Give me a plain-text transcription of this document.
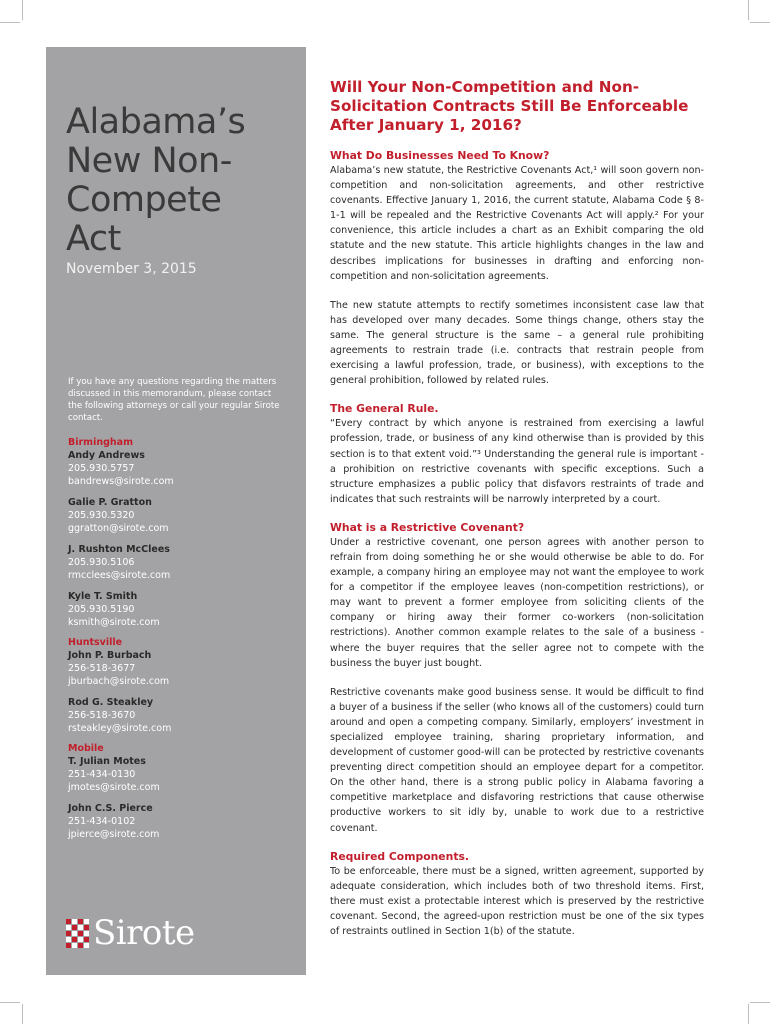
Alabama’s
New Non-
Compete
Act
November 3, 2015
If you have any questions regarding the matters discussed in this memorandum, please contact the following attorneys or call your regular Sirote contact.
Birmingham
Andy Andrews
205.930.5757
bandrews@sirote.com
Galie P. Gratton
205.930.5320
ggratton@sirote.com
J. Rushton McClees
205.930.5106
rmcclees@sirote.com
Kyle T. Smith
205.930.5190
ksmith@sirote.com
Huntsville
John P. Burbach
256-518-3677
jburbach@sirote.com
Rod G. Steakley
256-518-3670
rsteakley@sirote.com
Mobile
T. Julian Motes
251-434-0130
jmotes@sirote.com
John C.S. Pierce
251-434-0102
jpierce@sirote.com
Sirote
Will Your Non-Competition and Non-Solicitation Contracts Still Be Enforceable After January 1, 2016?
What Do Businesses Need To Know?

Alabama’s new statute, the Restrictive Covenants Act,¹ will soon govern non-competition and non-solicitation agreements, and other restrictive covenants. Effective January 1, 2016, the current statute, Alabama Code § 8-1-1 will be repealed and the Restrictive Covenants Act will apply.² For your convenience, this article includes a chart as an Exhibit comparing the old statute and the new statute. This article highlights changes in the law and describes implications for businesses in drafting and enforcing non-competition and non-solicitation agreements.

The new statute attempts to rectify sometimes inconsistent case law that has developed over many decades. Some things change, others stay the same. The general structure is the same – a general rule prohibiting agreements to restrain trade (i.e. contracts that restrain people from exercising a lawful profession, trade, or business), with exceptions to the general prohibition, followed by related rules.

The General Rule.

“Every contract by which anyone is restrained from exercising a lawful profession, trade, or business of any kind otherwise than is provided by this section is to that extent void.”³ Understanding the general rule is important - a prohibition on restrictive covenants with specific exceptions. Such a structure emphasizes a public policy that disfavors restraints of trade and indicates that such restraints will be narrowly interpreted by a court.

What is a Restrictive Covenant?

Under a restrictive covenant, one person agrees with another person to refrain from doing something he or she would otherwise be able to do. For example, a company hiring an employee may not want the employee to work for a competitor if the employee leaves (non-competition restrictions), or may want to prevent a former employee from soliciting clients of the company or hiring away their former co-workers (non-solicitation restrictions). Another common example relates to the sale of a business - where the buyer requires that the seller agree not to compete with the business the buyer just bought.

Restrictive covenants make good business sense. It would be difficult to find a buyer of a business if the seller (who knows all of the customers) could turn around and open a competing company. Similarly, employers’ investment in specialized employee training, sharing proprietary information, and development of customer good-will can be protected by restrictive covenants preventing direct competition should an employee depart for a competitor. On the other hand, there is a strong public policy in Alabama favoring a competitive marketplace and disfavoring restrictions that cause otherwise productive workers to sit idly by, unable to work due to a restrictive covenant.

Required Components.

To be enforceable, there must be a signed, written agreement, supported by adequate consideration, which includes both of two threshold items. First, there must exist a protectable interest which is preserved by the restrictive covenant. Second, the agreed-upon restriction must be one of the six types of restraints outlined in Section 1(b) of the statute.
